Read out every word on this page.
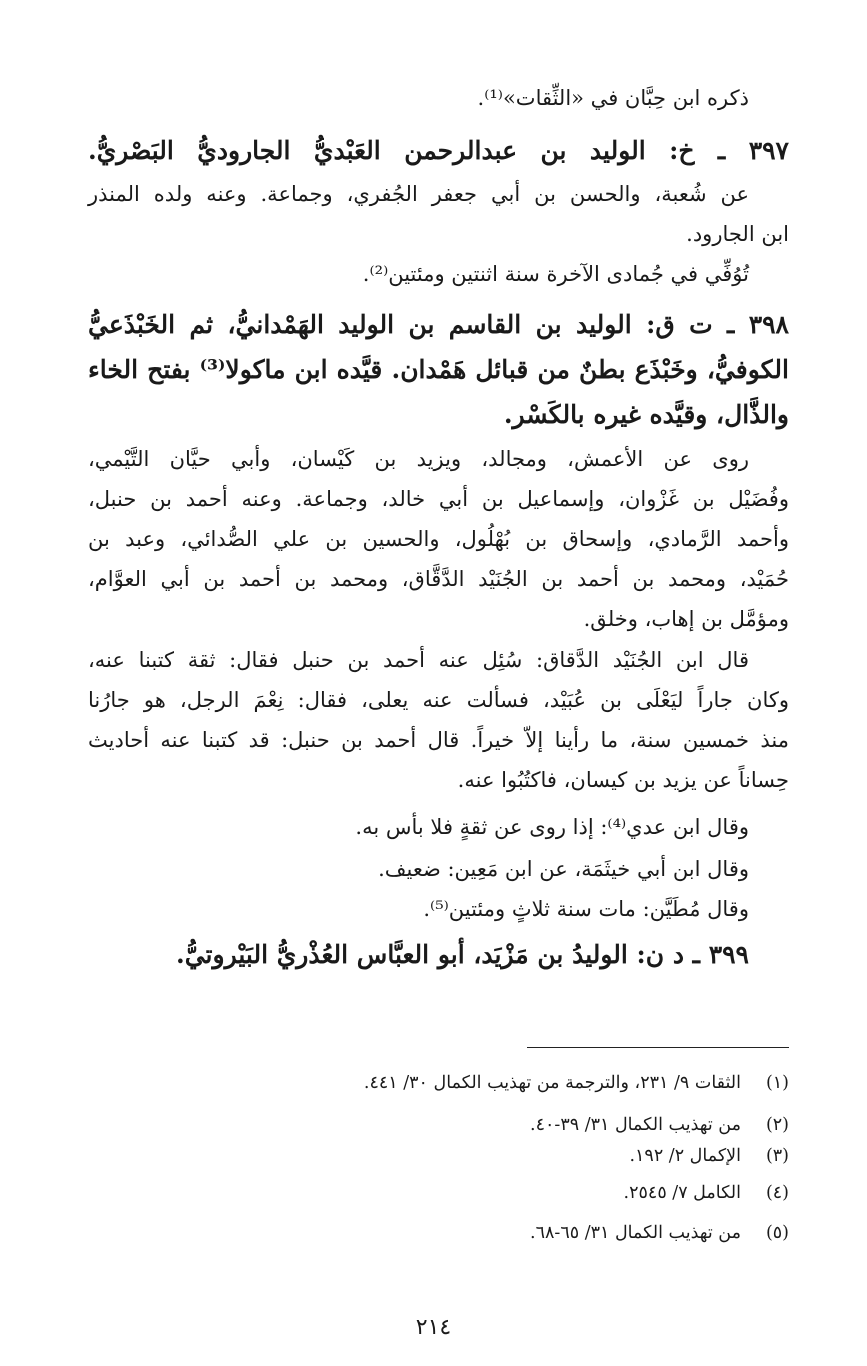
ذكره ابن حِبَّان في «الثِّقات»⁽¹⁾.
٣٩٧ ـ خ: الوليد بن عبدالرحمن العَبْديُّ الجاروديُّ البَصْريُّ.
عن شُعبة، والحسن بن أبي جعفر الجُفري، وجماعة. وعنه ولده المنذر
ابن الجارود.
تُوُفِّي في جُمادى الآخرة سنة اثنتين ومئتين⁽²⁾.
٣٩٨ ـ ت ق: الوليد بن القاسم بن الوليد الهَمْدانيُّ، ثم الخَبْذَعيُّ
الكوفيُّ، وخَبْذَع بطنٌ من قبائل هَمْدان. قيَّده ابن ماكولا⁽³⁾ بفتح الخاء
والذَّال، وقيَّده غيره بالكَسْر.
روى عن الأعمش، ومجالد، ويزيد بن كَيْسان، وأبي حيَّان التَّيْمي،
وفُضَيْل بن غَزْوان، وإسماعيل بن أبي خالد، وجماعة. وعنه أحمد بن حنبل،
وأحمد الرَّمادي، وإسحاق بن بُهْلُول، والحسين بن علي الصُّدائي، وعبد بن
حُمَيْد، ومحمد بن أحمد بن الجُنَيْد الدَّقَّاق، ومحمد بن أحمد بن أبي العوَّام،
ومؤمَّل بن إهاب، وخلق.
قال ابن الجُنَيْد الدَّقاق: سُئِل عنه أحمد بن حنبل فقال: ثقة كتبنا عنه،
وكان جاراً ليَعْلَى بن عُبَيْد، فسألت عنه يعلى، فقال: نِعْمَ الرجل، هو جارُنا
منذ خمسين سنة، ما رأينا إلاّ خيراً. قال أحمد بن حنبل: قد كتبنا عنه أحاديث
حِساناً عن يزيد بن كيسان، فاكتُبُوا عنه.
وقال ابن عدي⁽⁴⁾: إذا روى عن ثقةٍ فلا بأس به.
وقال ابن أبي خيثَمَة، عن ابن مَعِين: ضعيف.
وقال مُطَيَّن: مات سنة ثلاثٍ ومئتين⁽⁵⁾.
٣٩٩ ـ د ن: الوليدُ بن مَزْيَد، أبو العبَّاس العُذْريُّ البَيْروتيُّ.
(١)الثقات ٩/ ٢٣١، والترجمة من تهذيب الكمال ٣٠/ ٤٤١.
(٢)من تهذيب الكمال ٣١/ ٣٩-٤٠.
(٣)الإكمال ٢/ ١٩٢.
(٤)الكامل ٧/ ٢٥٤٥.
(٥)من تهذيب الكمال ٣١/ ٦٥-٦٨.
٢١٤
